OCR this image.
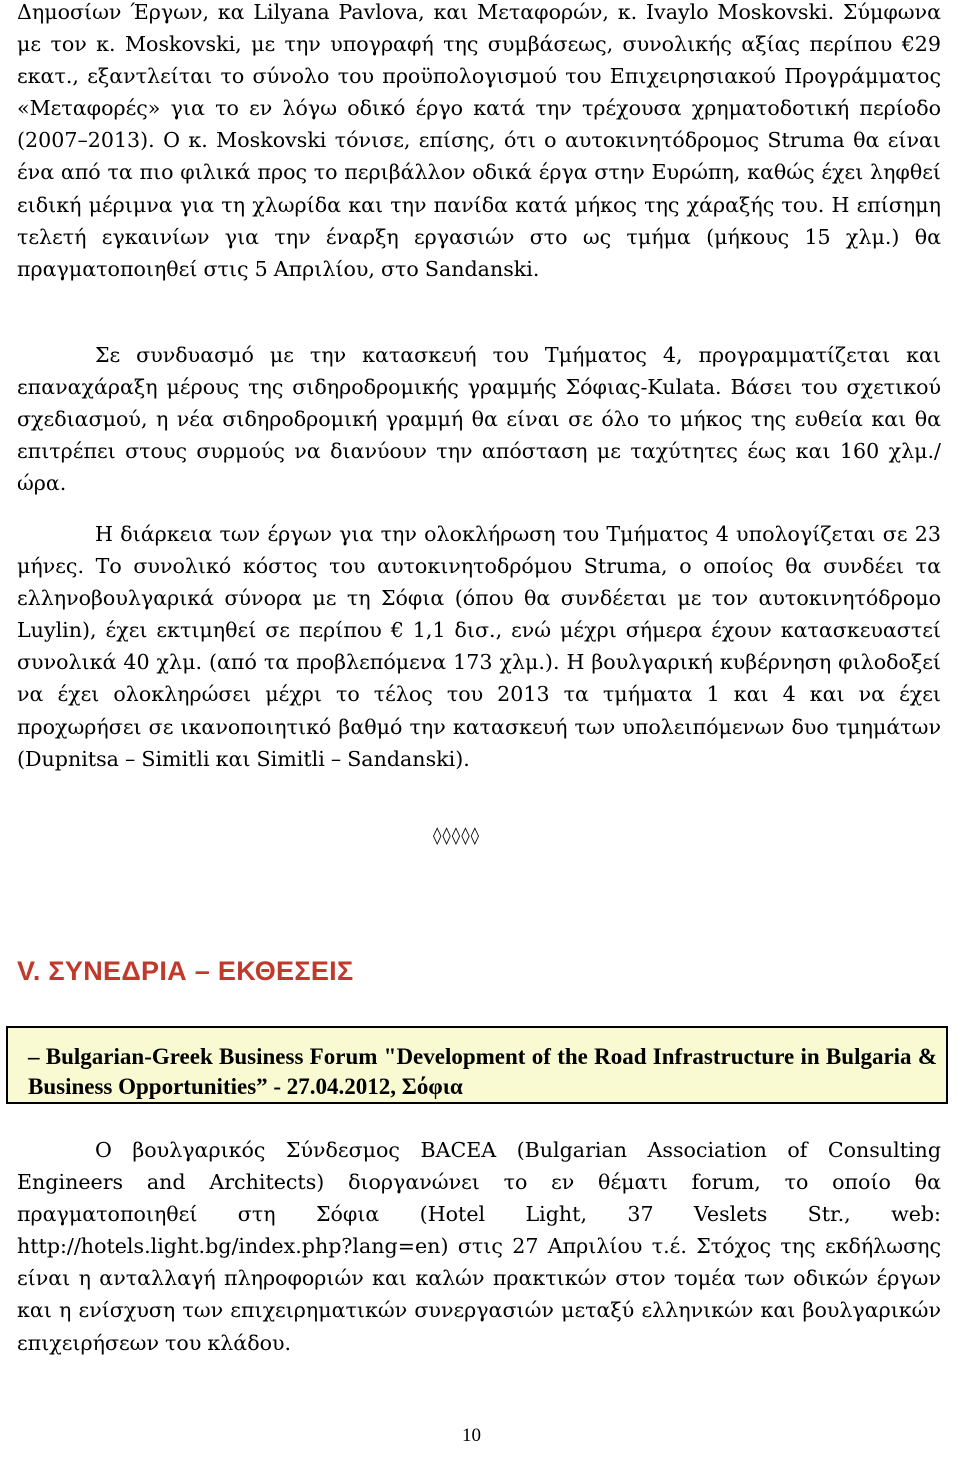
Δημοσίων Έργων, κα Lilyana Pavlova, και Μεταφορών, κ. Ivaylo Moskovski. Σύμφωνα με τον κ. Moskovski, με την υπογραφή της συμβάσεως, συνολικής αξίας περίπου €29 εκατ., εξαντλείται το σύνολο του προϋπολογισμού του Επιχειρησιακού Προγράμματος «Μεταφορές» για το εν λόγω οδικό έργο κατά την τρέχουσα χρηματοδοτική περίοδο (2007–2013). Ο κ. Moskovski τόνισε, επίσης, ότι ο αυτοκινητόδρομος Struma θα είναι ένα από τα πιο φιλικά προς το περιβάλλον οδικά έργα στην Ευρώπη, καθώς έχει ληφθεί ειδική μέριμνα για τη χλωρίδα και την πανίδα κατά μήκος της χάραξής του. Η επίσημη τελετή εγκαινίων για την έναρξη εργασιών στο ως τμήμα (μήκους 15 χλμ.) θα πραγματοποιηθεί στις 5 Απριλίου, στο Sandanski.

Σε συνδυασμό με την κατασκευή του Τμήματος 4, προγραμματίζεται και επαναχάραξη μέρους της σιδηροδρομικής γραμμής Σόφιας-Kulata. Βάσει του σχετικού σχεδιασμού, η νέα σιδηροδρομική γραμμή θα είναι σε όλο το μήκος της ευθεία και θα επιτρέπει στους συρμούς να διανύουν την απόσταση με ταχύτητες έως και 160 χλμ./ώρα.

Η διάρκεια των έργων για την ολοκλήρωση του Τμήματος 4 υπολογίζεται σε 23 μήνες. Το συνολικό κόστος του αυτοκινητοδρόμου Struma, ο οποίος θα συνδέει τα ελληνοβουλγαρικά σύνορα με τη Σόφια (όπου θα συνδέεται με τον αυτοκινητόδρομο Luylin), έχει εκτιμηθεί σε περίπου € 1,1 δισ., ενώ μέχρι σήμερα έχουν κατασκευαστεί συνολικά 40 χλμ. (από τα προβλεπόμενα 173 χλμ.). Η βουλγαρική κυβέρνηση φιλοδοξεί να έχει ολοκληρώσει μέχρι το τέλος του 2013 τα τμήματα 1 και 4 και να έχει προχωρήσει σε ικανοποιητικό βαθμό την κατασκευή των υπολειπόμενων δυο τμημάτων (Dupnitsa – Simitli και Simitli – Sandanski).

◊◊◊◊◊
V. ΣΥΝΕΔΡΙΑ – ΕΚΘΕΣΕΙΣ
– Bulgarian-Greek Business Forum "Development of the Road Infrastructure in Bulgaria & Business Opportunities” - 27.04.2012, Σόφια

Ο βουλγαρικός Σύνδεσμος BACEA (Bulgarian Association of Consulting Engineers and Architects) διοργανώνει το εν θέματι forum, το οποίο θα πραγματοποιηθεί στη Σόφια (Hotel Light, 37 Veslets Str., web: http://hotels.light.bg/index.php?lang=en) στις 27 Απριλίου τ.έ. Στόχος της εκδήλωσης είναι η ανταλλαγή πληροφοριών και καλών πρακτικών στον τομέα των οδικών έργων και η ενίσχυση των επιχειρηματικών συνεργασιών μεταξύ ελληνικών και βουλγαρικών επιχειρήσεων του κλάδου.

10
